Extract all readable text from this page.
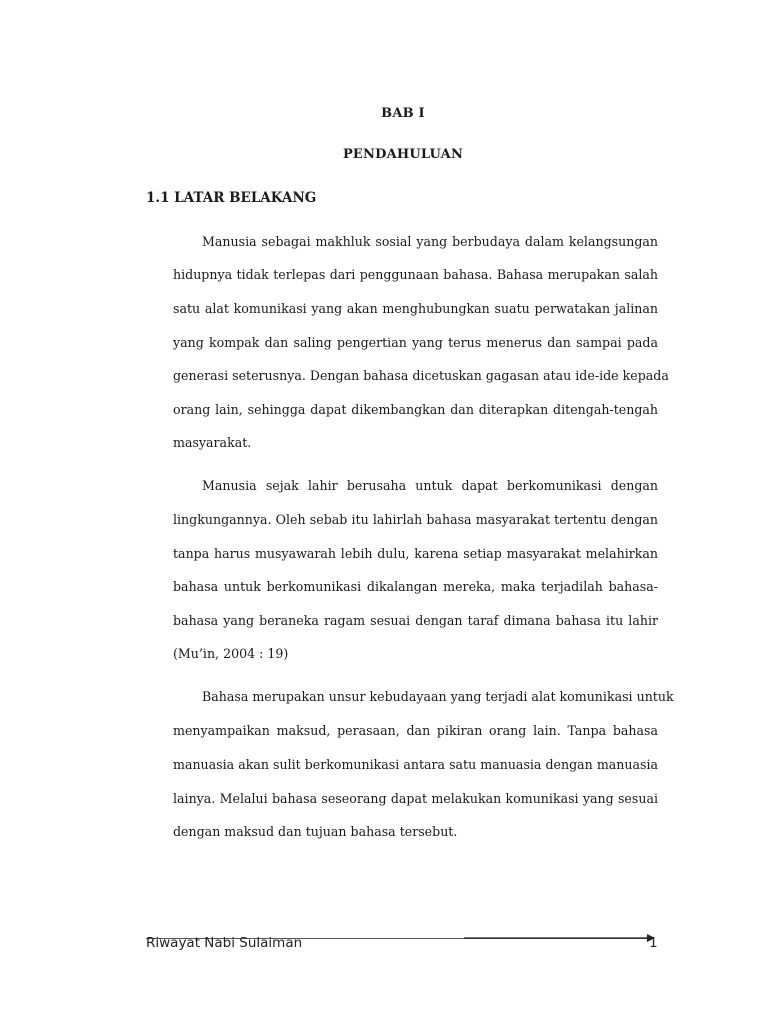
BAB I
PENDAHULUAN
1.1 LATAR BELAKANG
Manusia sebagai makhluk sosial yang berbudaya dalam kelangsungan
hidupnya tidak terlepas dari penggunaan bahasa. Bahasa merupakan salah
satu alat komunikasi yang akan menghubungkan suatu perwatakan jalinan
yang kompak dan saling pengertian yang terus menerus dan sampai pada
generasi seterusnya. Dengan bahasa dicetuskan gagasan atau ide-ide kepada
orang lain, sehingga dapat dikembangkan dan diterapkan ditengah-tengah
masyarakat.
Manusia sejak lahir berusaha untuk dapat berkomunikasi dengan
lingkungannya. Oleh sebab itu lahirlah bahasa masyarakat tertentu dengan
tanpa harus musyawarah lebih dulu, karena setiap masyarakat melahirkan
bahasa untuk berkomunikasi dikalangan mereka, maka terjadilah bahasa-
bahasa yang beraneka ragam sesuai dengan taraf dimana bahasa itu lahir
(Mu’in, 2004 : 19)
Bahasa merupakan unsur kebudayaan yang terjadi alat komunikasi untuk
menyampaikan maksud, perasaan, dan pikiran orang lain. Tanpa bahasa
manuasia akan sulit berkomunikasi antara satu manuasia dengan manuasia
lainya. Melalui bahasa seseorang dapat melakukan komunikasi yang sesuai
dengan maksud dan tujuan bahasa tersebut.
Riwayat Nabi Sulaiman	1
